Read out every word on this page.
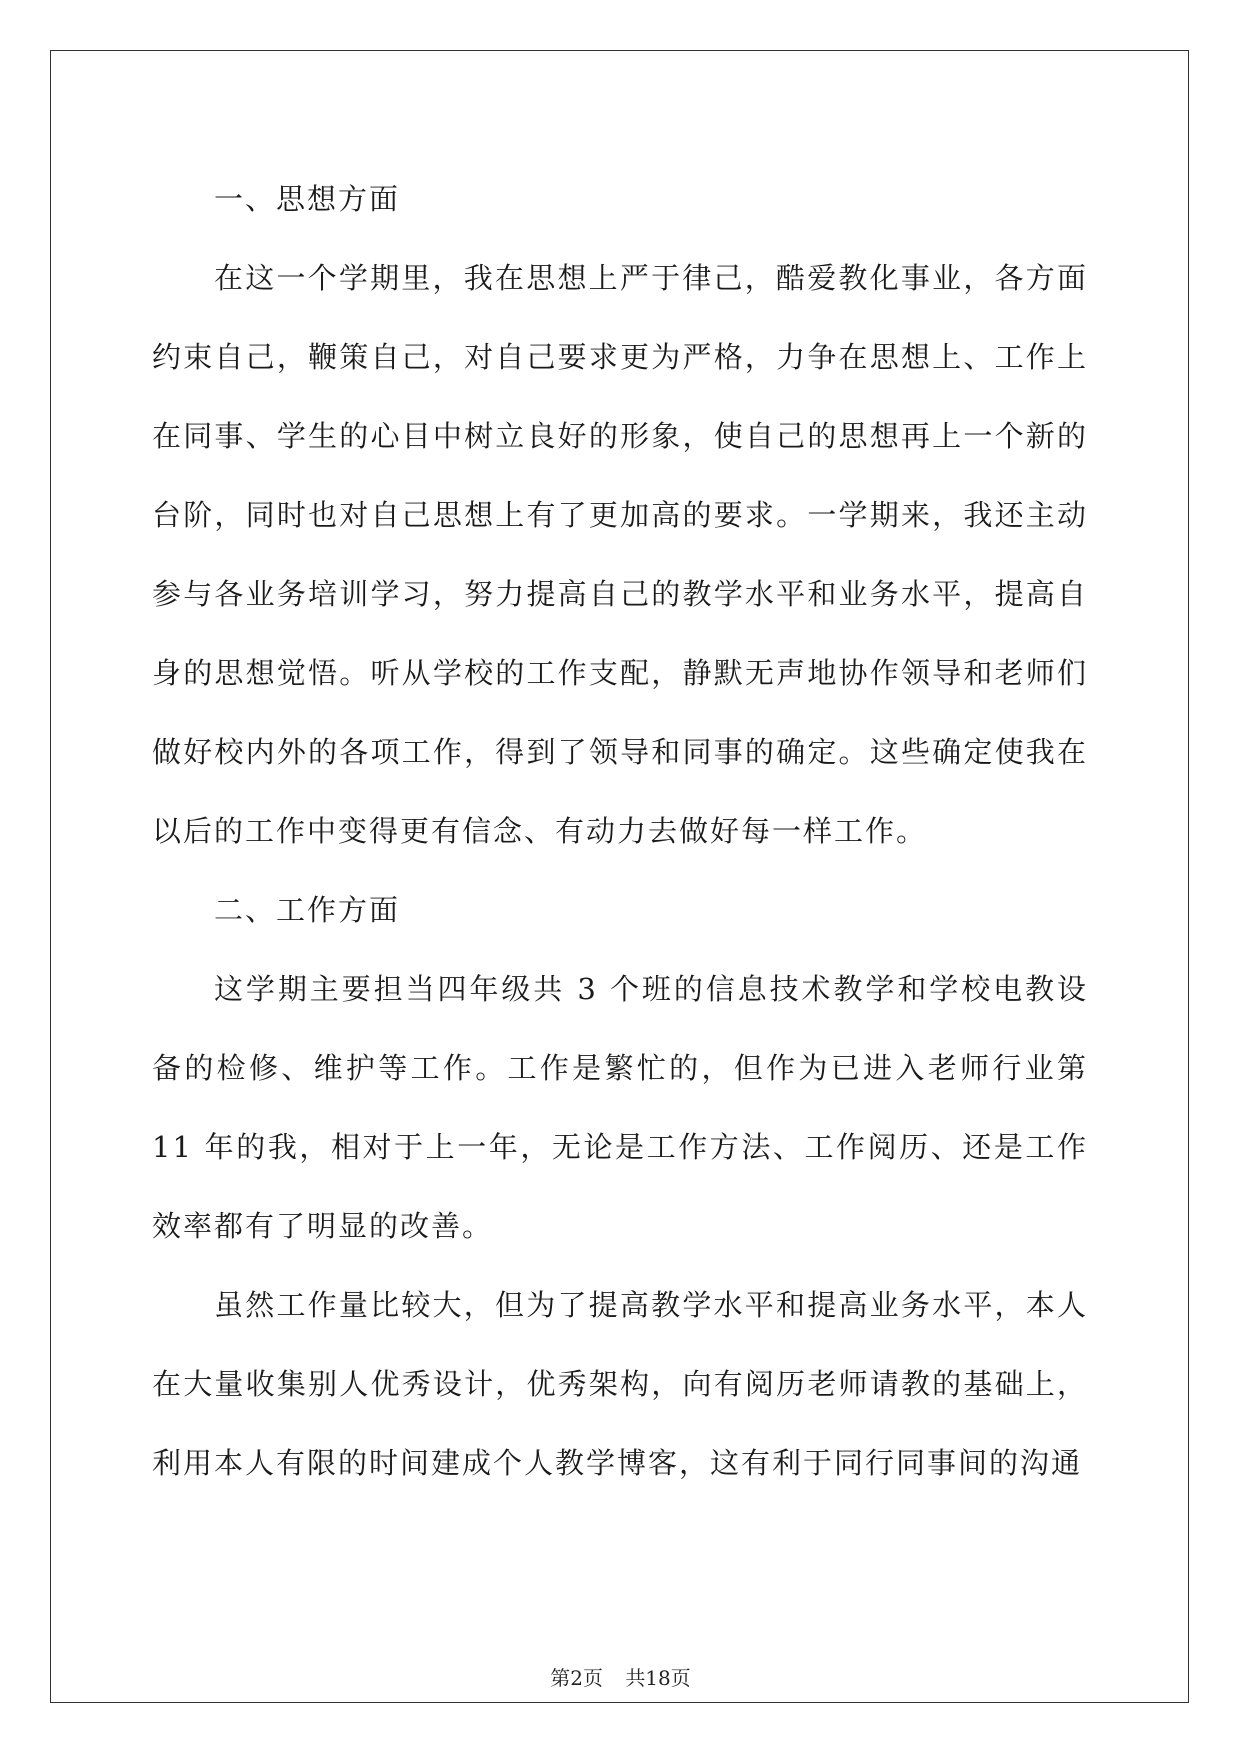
一、思想方面

在这一个学期里，我在思想上严于律己，酷爱教化事业，各方面约束自己，鞭策自己，对自己要求更为严格，力争在思想上、工作上在同事、学生的心目中树立良好的形象，使自己的思想再上一个新的台阶，同时也对自己思想上有了更加高的要求。一学期来，我还主动参与各业务培训学习，努力提高自己的教学水平和业务水平，提高自身的思想觉悟。听从学校的工作支配，静默无声地协作领导和老师们做好校内外的各项工作，得到了领导和同事的确定。这些确定使我在以后的工作中变得更有信念、有动力去做好每一样工作。

二、工作方面

这学期主要担当四年级共 3 个班的信息技术教学和学校电教设备的检修、维护等工作。工作是繁忙的，但作为已进入老师行业第 11 年的我，相对于上一年，无论是工作方法、工作阅历、还是工作效率都有了明显的改善。

虽然工作量比较大，但为了提高教学水平和提高业务水平，本人在大量收集别人优秀设计，优秀架构，向有阅历老师请教的基础上，利用本人有限的时间建成个人教学博客，这有利于同行同事间的沟通

第2页 共18页
